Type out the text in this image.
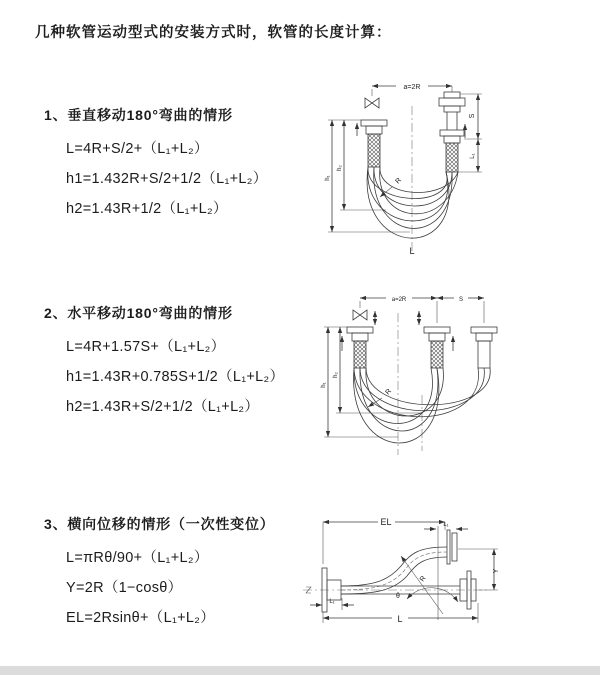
几种软管运动型式的安装方式时，软管的长度计算：
1、垂直移动180°弯曲的情形
L=4R+S/2+（L₁+L₂）
h1=1.432R+S/2+1/2（L₁+L₂）
h2=1.43R+1/2（L₁+L₂）
a=2R
S
L₁
h₁
h₂
R
L
2、水平移动180°弯曲的情形
L=4R+1.57S+（L₁+L₂）
h1=1.43R+0.785S+1/2（L₁+L₂）
h2=1.43R+S/2+1/2（L₁+L₂）
a=2R	S
h₁
h₂
R
3、横向位移的情形（一次性变位）
L=πRθ/90+（L₁+L₂）
Y=2R（1−cosθ）
EL=2Rsinθ+（L₁+L₂）
EL	L₁
Y
R
θ
L₁
L
